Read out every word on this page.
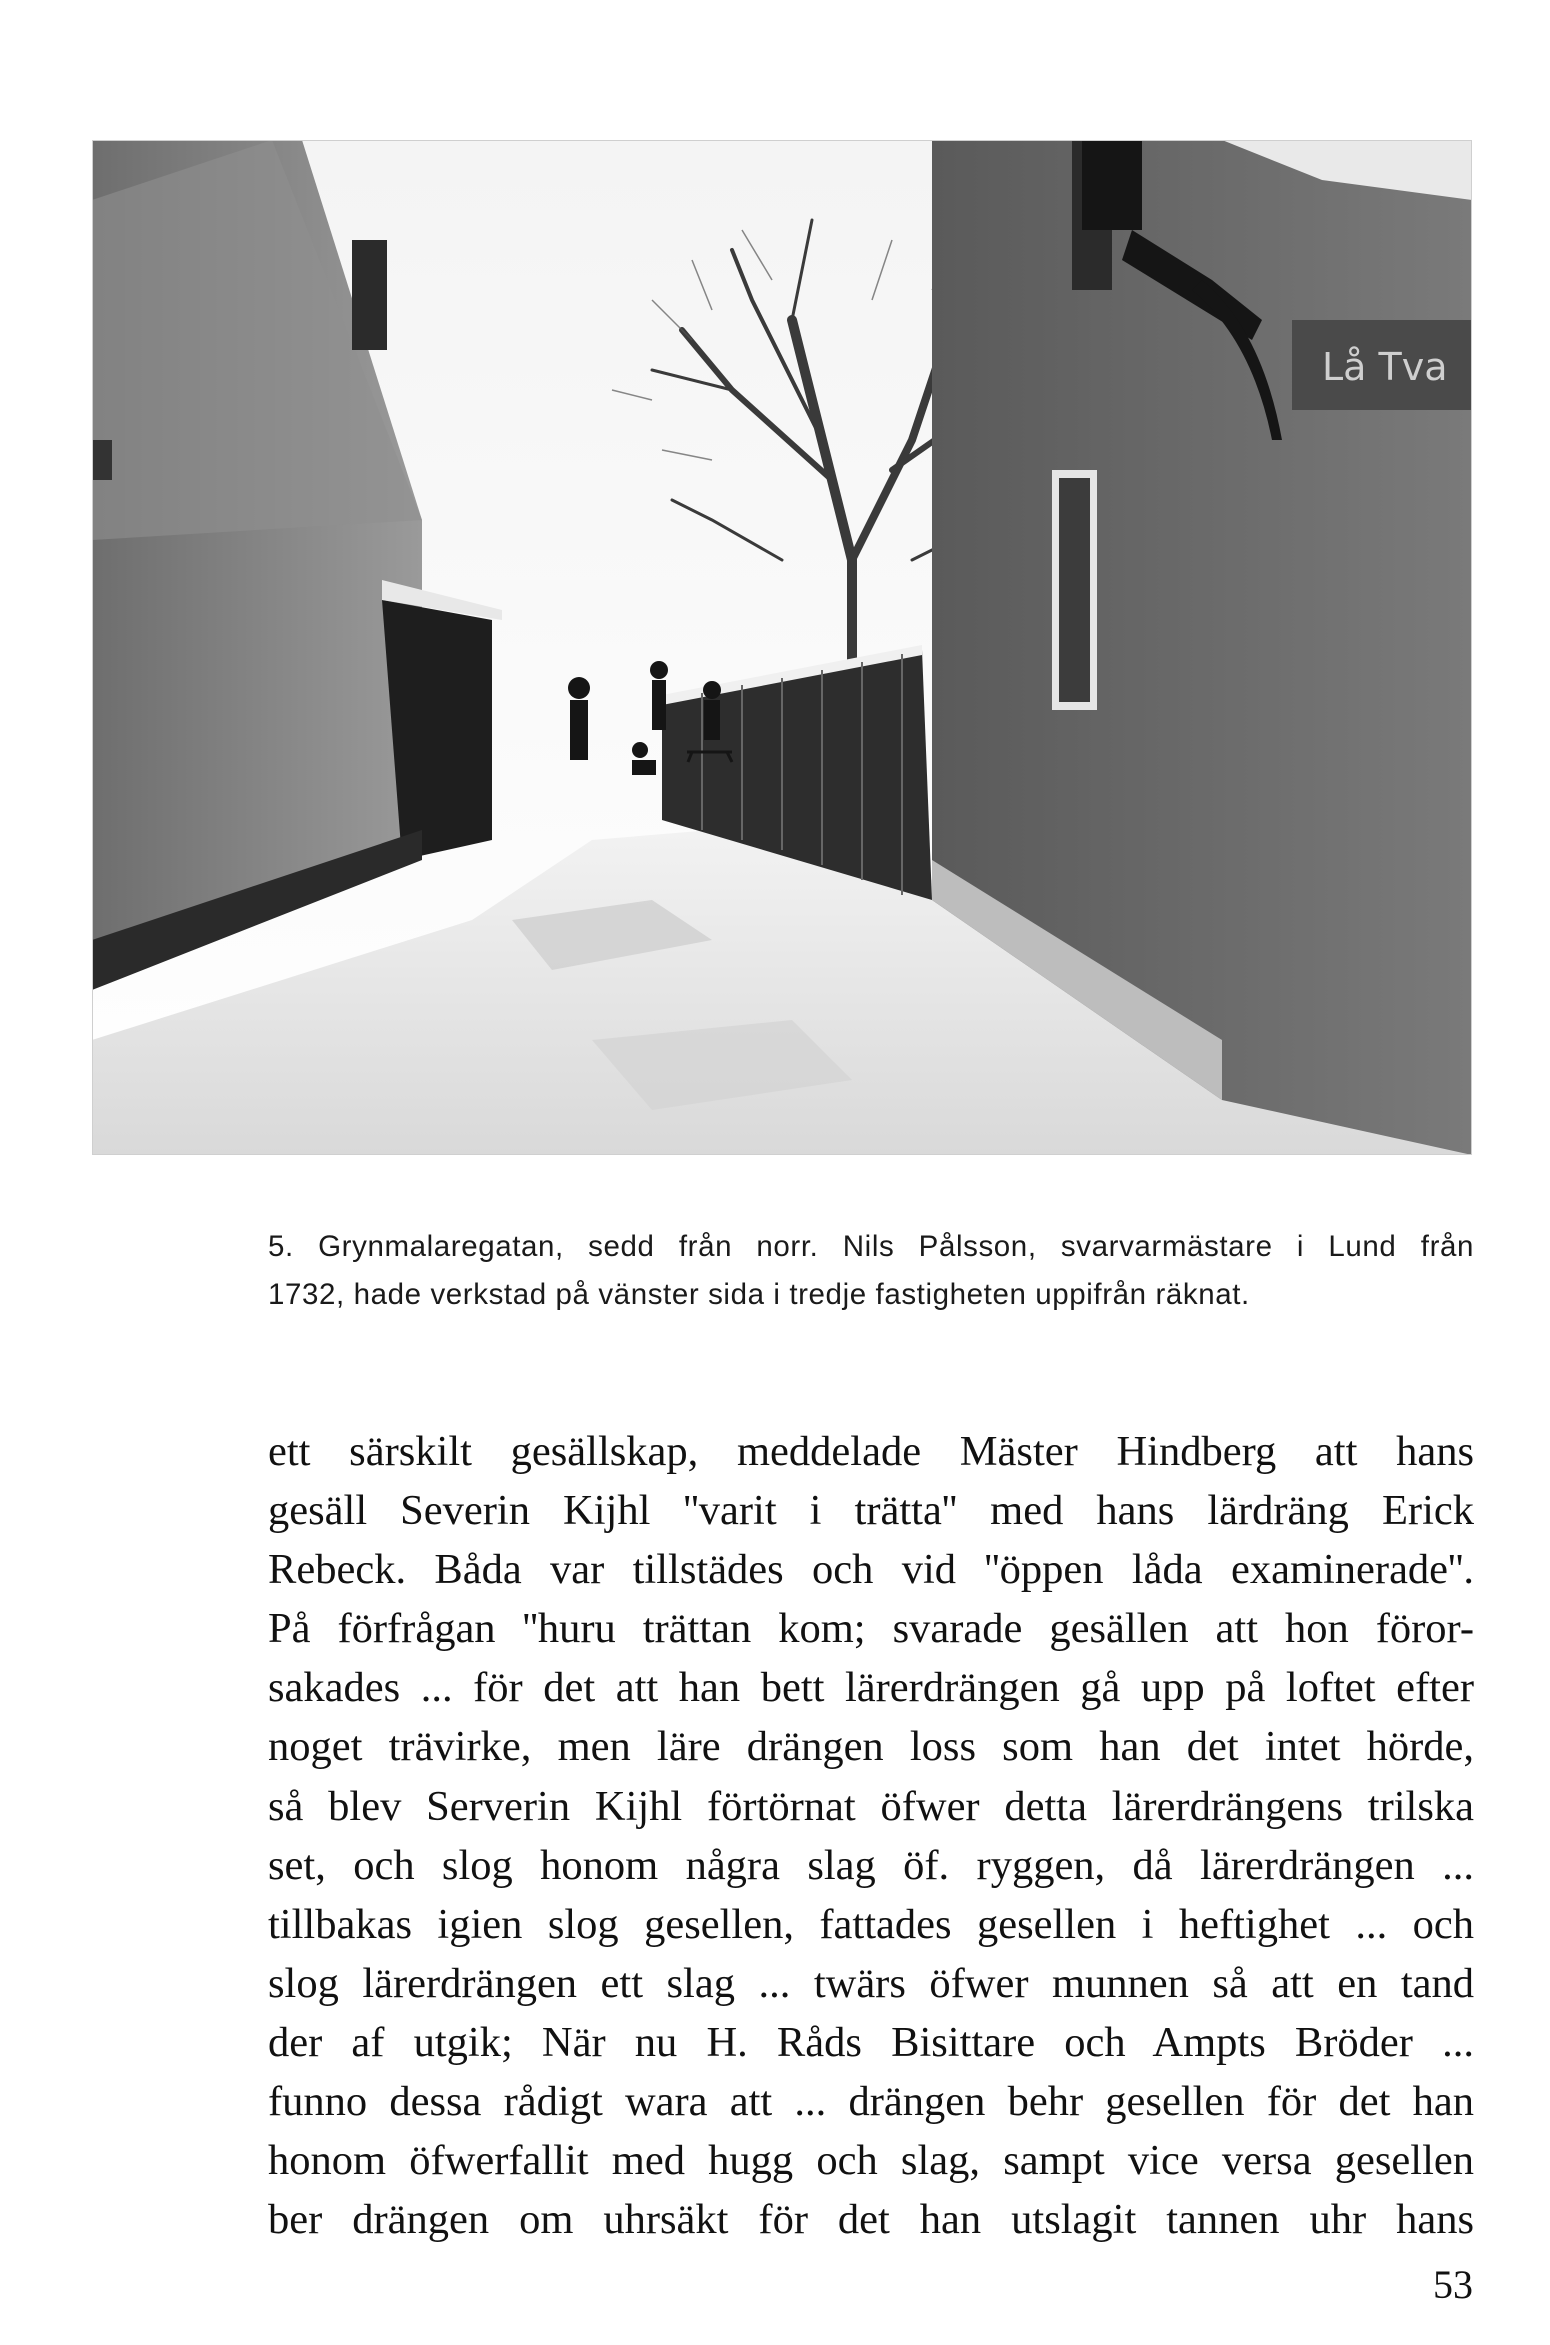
Lå Tva
5. Grynmalaregatan, sedd från norr. Nils Pålsson, svarvarmästare i Lund från
1732, hade verkstad på vänster sida i tredje fastigheten uppifrån räknat.
ett särskilt gesällskap, meddelade Mäster Hindberg att hans
gesäll Severin Kijhl ''varit i trätta'' med hans lärdräng Erick
Rebeck. Båda var tillstädes och vid ''öppen låda examinerade''.
På förfrågan ''huru trättan kom; svarade gesällen att hon föror-
sakades ... för det att han bett lärerdrängen gå upp på loftet efter
noget trävirke, men läre drängen loss som han det intet hörde,
så blev Serverin Kijhl förtörnat öfwer detta lärerdrängens trilska
set, och slog honom några slag öf. ryggen, då lärerdrängen ...
tillbakas igien slog gesellen, fattades gesellen i heftighet ... och
slog lärerdrängen ett slag ... twärs öfwer munnen så att en tand
der af utgik; När nu H. Råds Bisittare och Ampts Bröder ...
funno dessa rådigt wara att ... drängen behr gesellen för det han
honom öfwerfallit med hugg och slag, sampt vice versa gesellen
ber drängen om uhrsäkt för det han utslagit tannen uhr hans
53
